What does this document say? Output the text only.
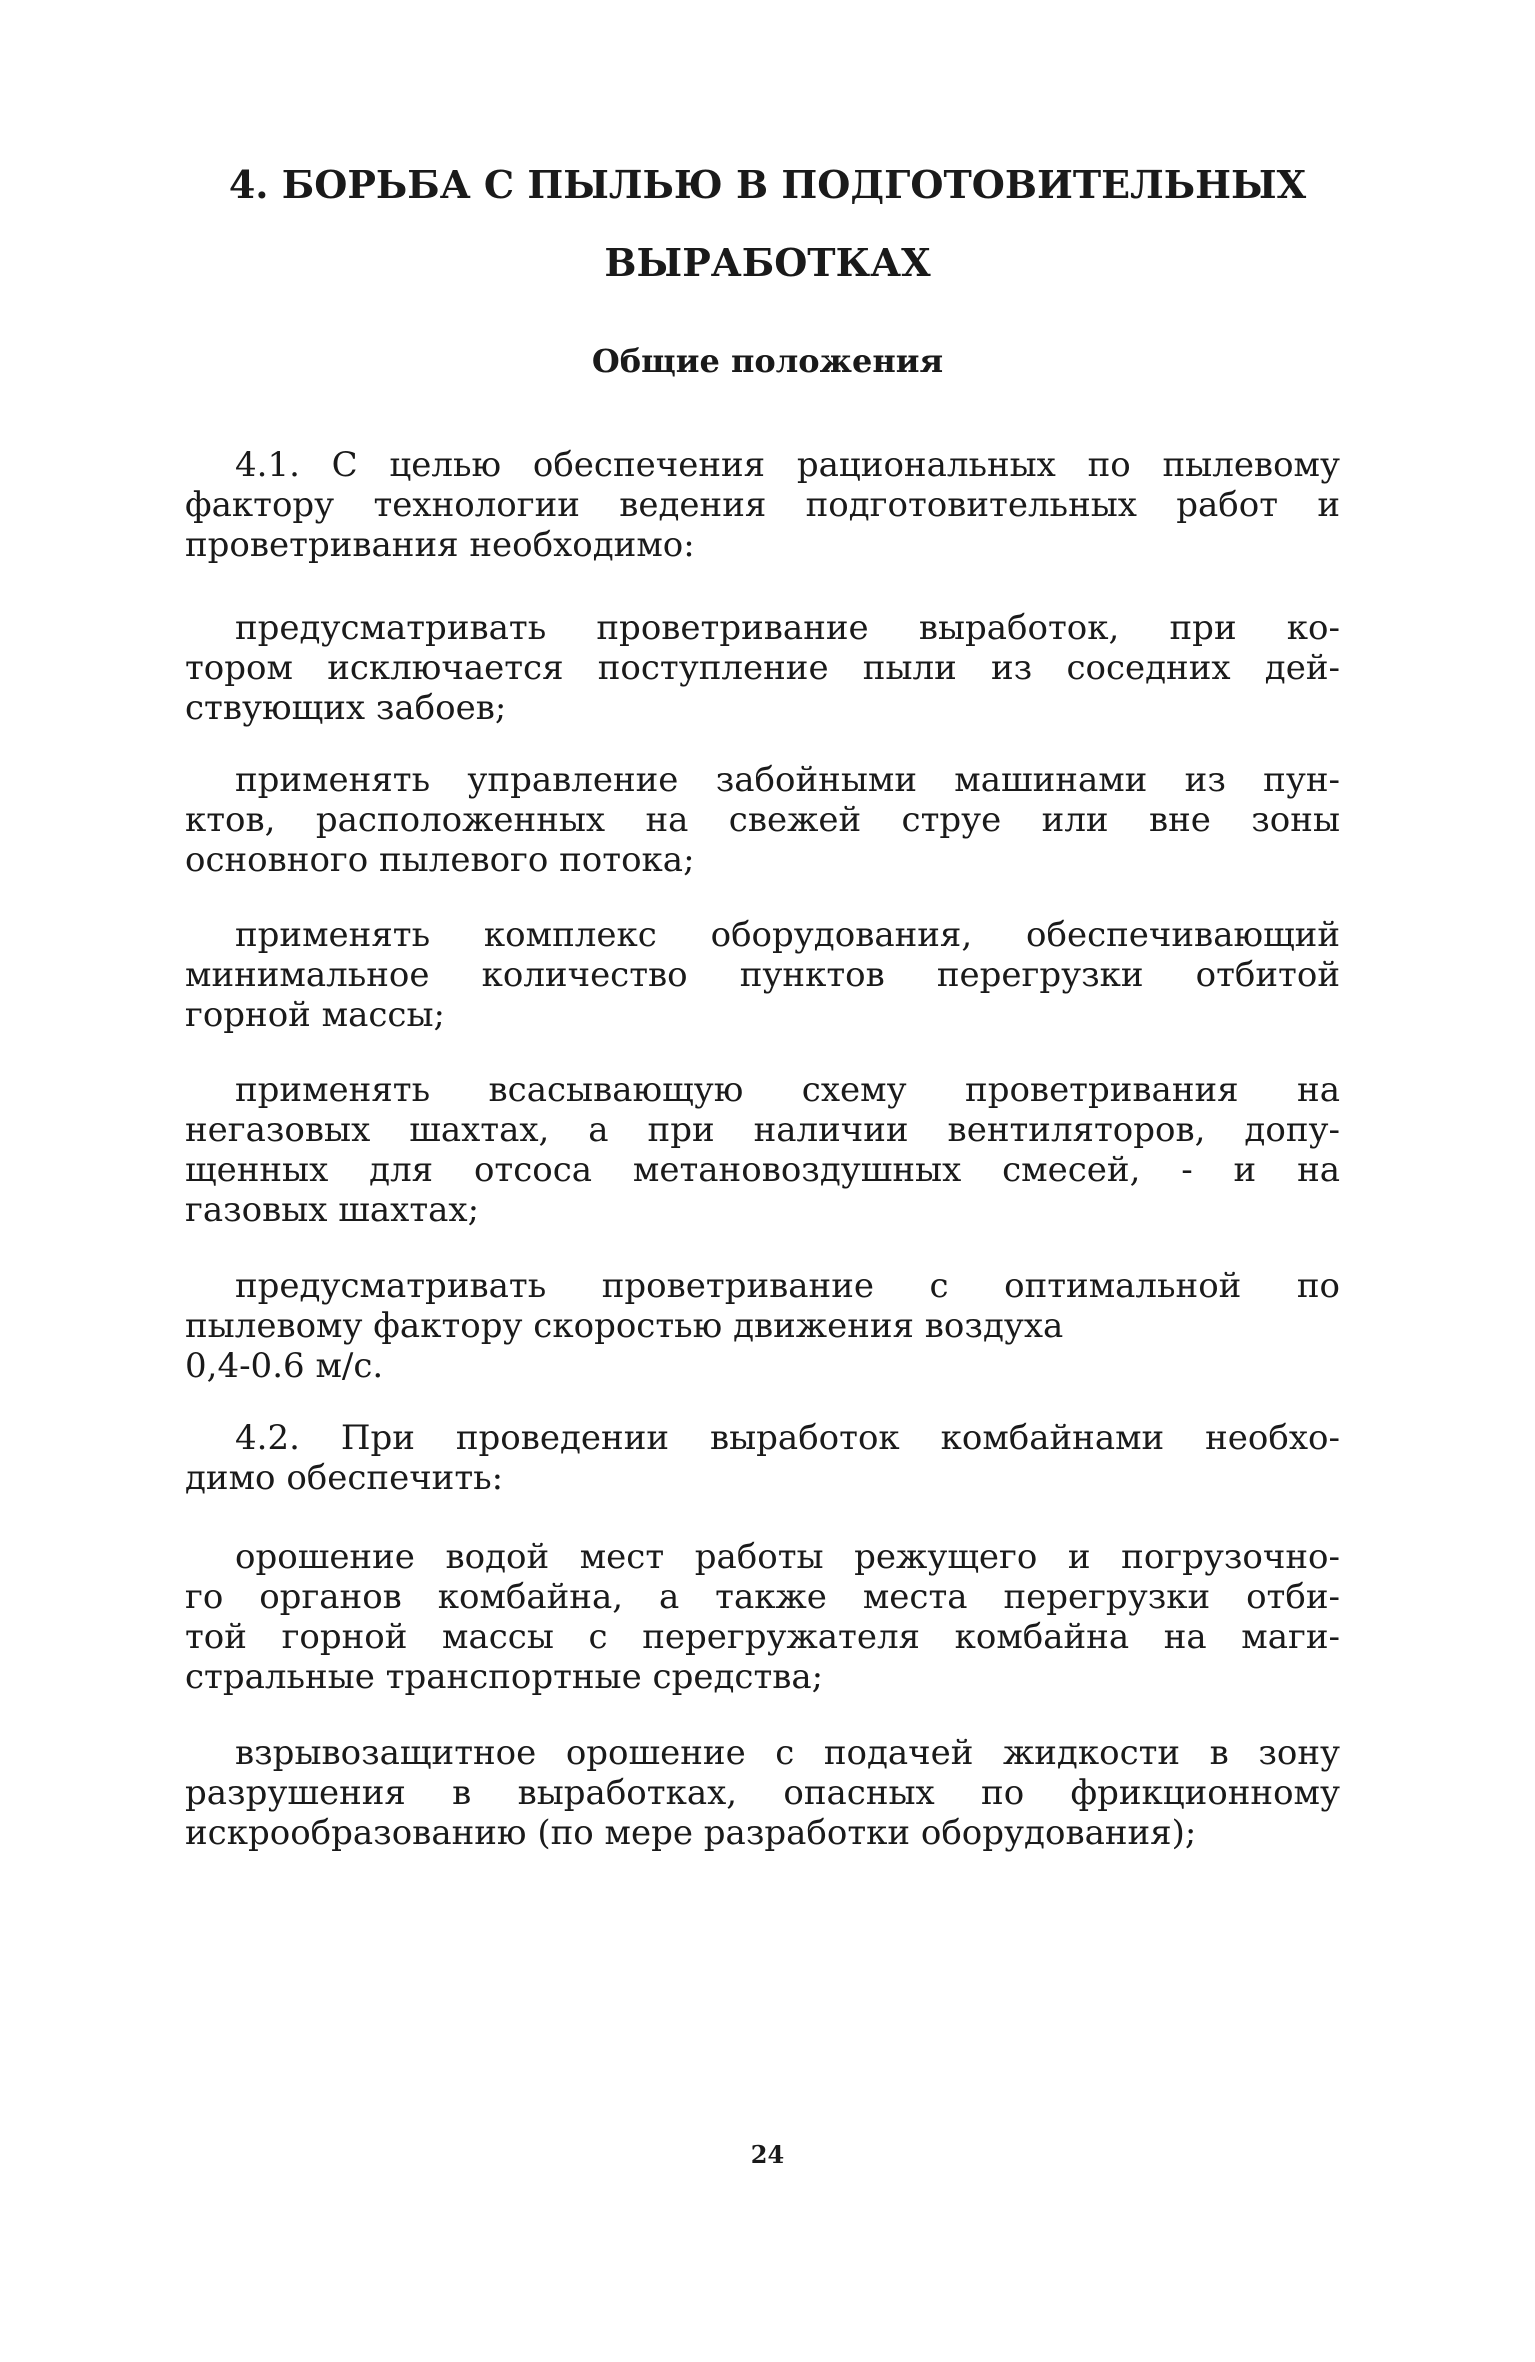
4. БОРЬБА С ПЫЛЬЮ В ПОДГОТОВИТЕЛЬНЫХ
ВЫРАБОТКАХ
Общие положения
4.1. С целью обеспечения рациональных по пылевому
фактору технологии ведения подготовительных работ и
проветривания необходимо:
предусматривать проветривание выработок, при ко-
тором исключается поступление пыли из соседних дей-
ствующих забоев;
применять управление забойными машинами из пун-
ктов, расположенных на свежей струе или вне зоны
основного пылевого потока;
применять комплекс оборудования, обеспечивающий
минимальное количество пунктов перегрузки отбитой
горной массы;
применять всасывающую схему проветривания на
негазовых шахтах, а при наличии вентиляторов, допу-
щенных для отсоса метановоздушных смесей, - и на
газовых шахтах;
предусматривать проветривание с оптимальной по
пылевому фактору скоростью движения воздуха
0,4-0.6 м/с.
4.2. При проведении выработок комбайнами необхо-
димо обеспечить:
орошение водой мест работы режущего и погрузочно-
го органов комбайна, а также места перегрузки отби-
той горной массы с перегружателя комбайна на маги-
стральные транспортные средства;
взрывозащитное орошение с подачей жидкости в зону
разрушения в выработках, опасных по фрикционному
искрообразованию (по мере разработки оборудования);
24
